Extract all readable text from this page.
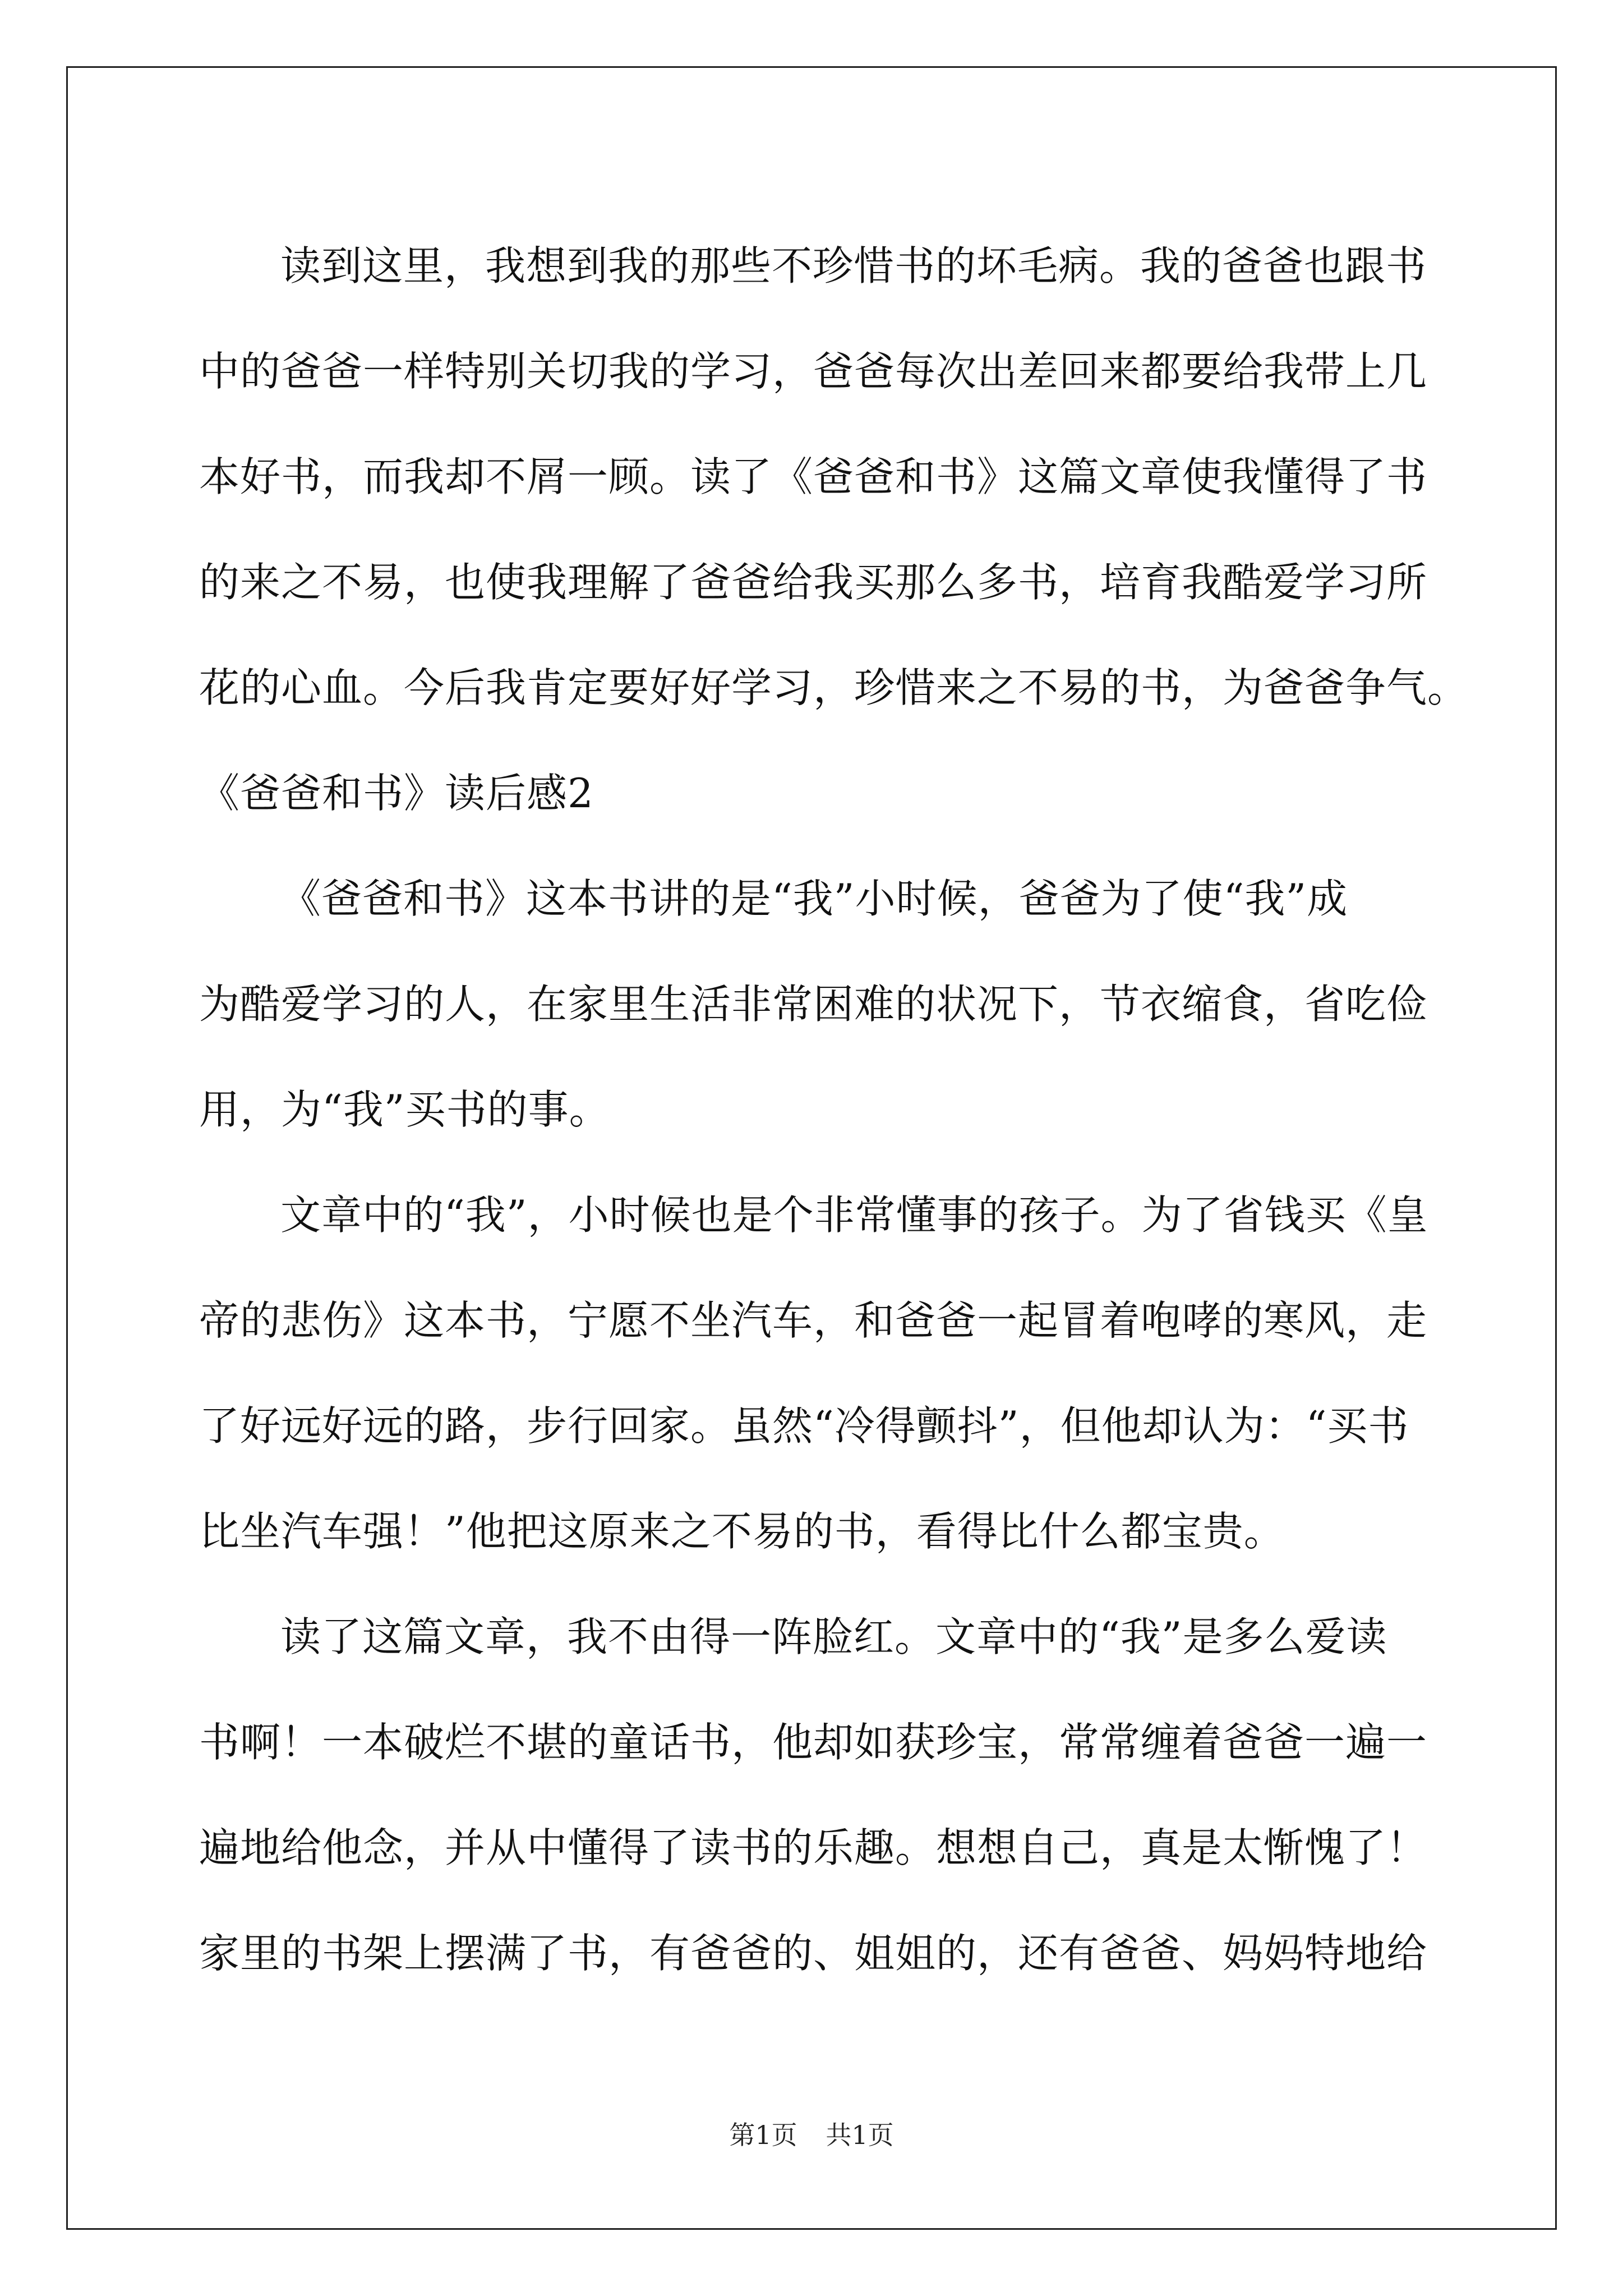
读到这里，我想到我的那些不珍惜书的坏毛病。我的爸爸也跟书
中的爸爸一样特别关切我的学习，爸爸每次出差回来都要给我带上几
本好书，而我却不屑一顾。读了《爸爸和书》这篇文章使我懂得了书
的来之不易，也使我理解了爸爸给我买那么多书，培育我酷爱学习所
花的心血。今后我肯定要好好学习，珍惜来之不易的书，为爸爸争气。
《爸爸和书》读后感2
《爸爸和书》这本书讲的是“我”小时候，爸爸为了使“我”成
为酷爱学习的人，在家里生活非常困难的状况下，节衣缩食，省吃俭
用，为“我”买书的事。
文章中的“我”，小时候也是个非常懂事的孩子。为了省钱买《皇
帝的悲伤》这本书，宁愿不坐汽车，和爸爸一起冒着咆哮的寒风，走
了好远好远的路，步行回家。虽然“冷得颤抖”，但他却认为：“买书
比坐汽车强！”他把这原来之不易的书，看得比什么都宝贵。
读了这篇文章，我不由得一阵脸红。文章中的“我”是多么爱读
书啊！一本破烂不堪的童话书，他却如获珍宝，常常缠着爸爸一遍一
遍地给他念，并从中懂得了读书的乐趣。想想自己，真是太惭愧了！
家里的书架上摆满了书，有爸爸的、姐姐的，还有爸爸、妈妈特地给
第1页 共1页
